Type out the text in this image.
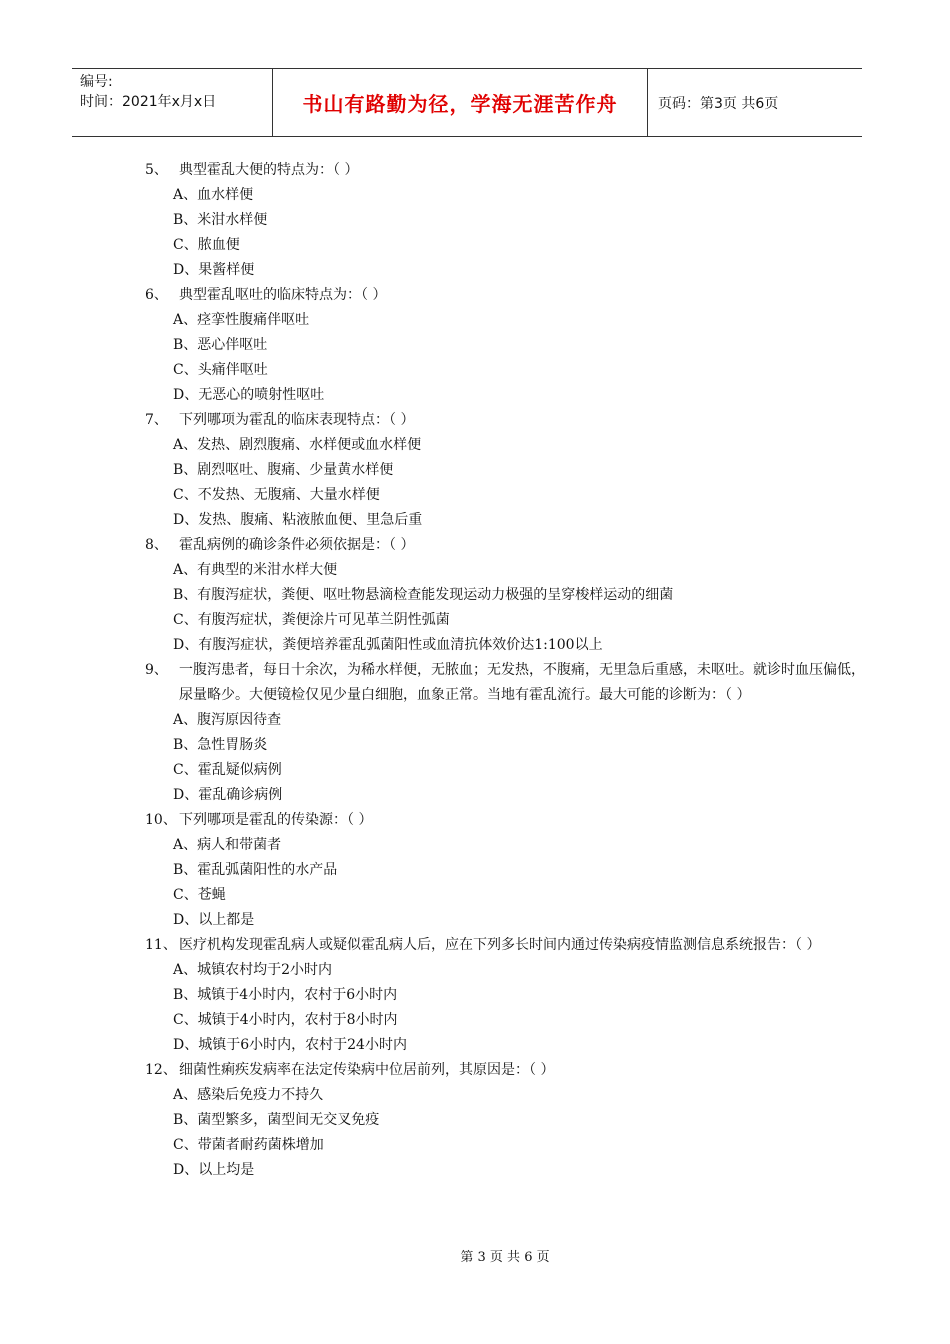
编号:
时间：2021年x月x日	书山有路勤为径，学海无涯苦作舟	页码：第3页 共6页
5、 典型霍乱大便的特点为：（ ）
A、血水样便
B、米泔水样便
C、脓血便
D、果酱样便
6、 典型霍乱呕吐的临床特点为：（ ）
A、痉挛性腹痛伴呕吐
B、恶心伴呕吐
C、头痛伴呕吐
D、无恶心的喷射性呕吐
7、 下列哪项为霍乱的临床表现特点：（ ）
A、发热、剧烈腹痛、水样便或血水样便
B、剧烈呕吐、腹痛、少量黄水样便
C、不发热、无腹痛、大量水样便
D、发热、腹痛、粘液脓血便、里急后重
8、 霍乱病例的确诊条件必须依据是：（ ）
A、有典型的米泔水样大便
B、有腹泻症状，粪便、呕吐物悬滴检查能发现运动力极强的呈穿梭样运动的细菌
C、有腹泻症状，粪便涂片可见革兰阴性弧菌
D、有腹泻症状，粪便培养霍乱弧菌阳性或血清抗体效价达1:100以上
9、 一腹泻患者，每日十余次，为稀水样便，无脓血；无发热，不腹痛，无里急后重感，未呕吐。就诊时血压偏低，尿量略少。大便镜检仅见少量白细胞，血象正常。当地有霍乱流行。最大可能的诊断为：（ ）
A、腹泻原因待查
B、急性胃肠炎
C、霍乱疑似病例
D、霍乱确诊病例
10、 下列哪项是霍乱的传染源：（ ）
A、病人和带菌者
B、霍乱弧菌阳性的水产品
C、苍蝇
D、以上都是
11、 医疗机构发现霍乱病人或疑似霍乱病人后，应在下列多长时间内通过传染病疫情监测信息系统报告：（ ）
A、城镇农村均于2小时内
B、城镇于4小时内，农村于6小时内
C、城镇于4小时内，农村于8小时内
D、城镇于6小时内，农村于24小时内
12、 细菌性痢疾发病率在法定传染病中位居前列，其原因是：（ ）
A、感染后免疫力不持久
B、菌型繁多，菌型间无交叉免疫
C、带菌者耐药菌株增加
D、以上均是
第 3 页 共 6 页
